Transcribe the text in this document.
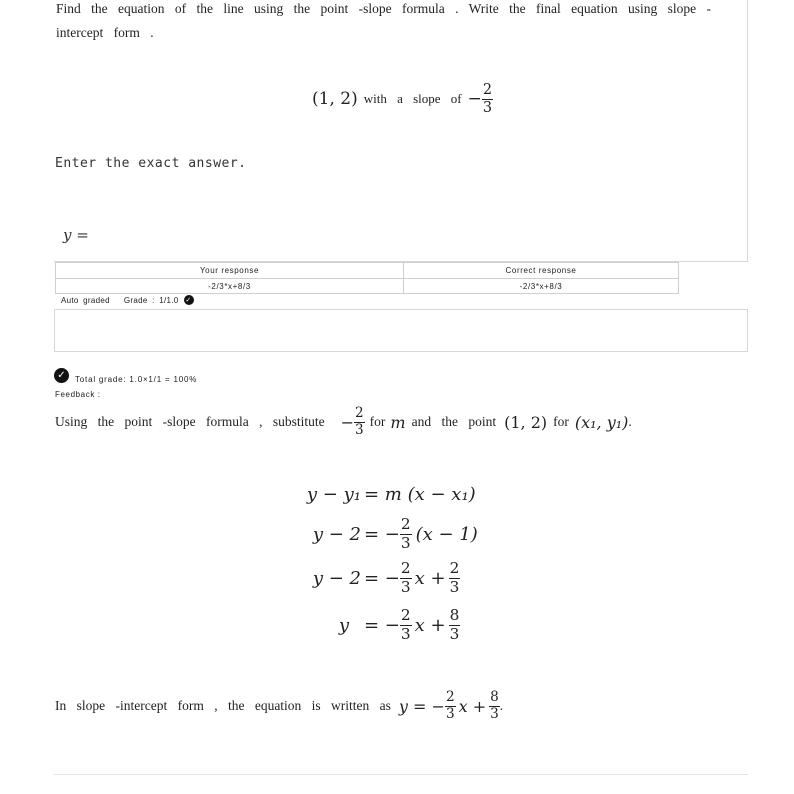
Find the equation of the line using the point -slope formula . Write the final equation using slope -
intercept form .
(1, 2) with a slope of − $\frac{2}{3}$
Enter the exact answer.
y =
Your response	Correct response
-2/3*x+8/3	-2/3*x+8/3
Auto graded Grade : 1/1.0 ✓
✓	Total grade: 1.0×1/1 = 100%
Feedback :
Using the point -slope formula , substitute − $\frac{2}{3}$ for m and the point (1, 2) for (x₁, y₁) .
y − y₁ = m (x − x₁)
y − 2 = − $\frac{2}{3} (x - 1)$
y − 2 = − $\frac{2}{3}$ $x + \frac{2}{3}$
y = − $\frac{2}{3}$ $x + \frac{8}{3}$
In slope -intercept form , the equation is written as y = − $\frac{2}{3}$ $x + \frac{8}{3}$ .
